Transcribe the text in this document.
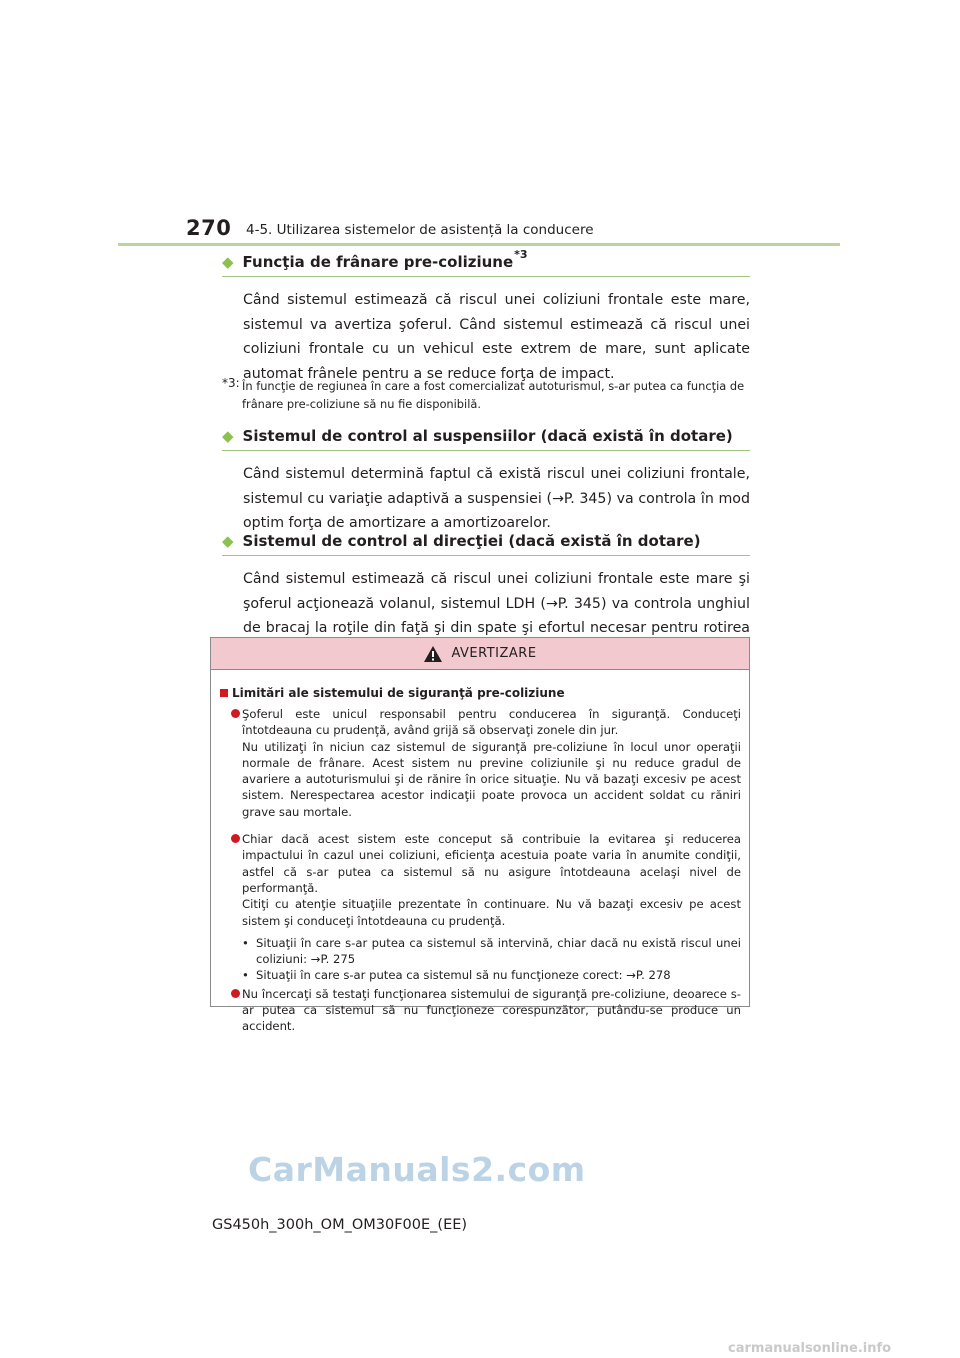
270 4-5. Utilizarea sistemelor de asistență la conducere
◆ Funcţia de frânare pre-coliziune *3
Când sistemul estimează că riscul unei coliziuni frontale este mare, sistemul va avertiza şoferul. Când sistemul estimează că riscul unei coliziuni frontale cu un vehicul este extrem de mare, sunt aplicate automat frânele pentru a se reduce forţa de impact.
*3: În funcţie de regiunea în care a fost comercializat autoturismul, s-ar putea ca funcţia de frânare pre-coliziune să nu fie disponibilă.
◆ Sistemul de control al suspensiilor (dacă există în dotare)
Când sistemul determină faptul că există riscul unei coliziuni frontale, sistemul cu variaţie adaptivă a suspensiei (→P. 345) va controla în mod optim forţa de amortizare a amortizoarelor.
◆ Sistemul de control al direcţiei (dacă există în dotare)
Când sistemul estimează că riscul unei coliziuni frontale este mare şi şoferul acţionează volanul, sistemul LDH (→P. 345) va controla unghiul de bracaj la roţile din faţă şi din spate şi efortul necesar pentru rotirea
AVERTIZARE
Limitări ale sistemului de siguranţă pre-coliziune
Şoferul este unicul responsabil pentru conducerea în siguranţă. Conduceţi întotdeauna cu prudenţă, având grijă să observaţi zonele din jur.
Nu utilizaţi în niciun caz sistemul de siguranţă pre-coliziune în locul unor operaţii normale de frânare. Acest sistem nu previne coliziunile şi nu reduce gradul de avariere a autoturismului şi de rănire în orice situaţie. Nu vă bazaţi excesiv pe acest sistem. Nerespectarea acestor indicaţii poate provoca un accident soldat cu răniri grave sau mortale.
Chiar dacă acest sistem este conceput să contribuie la evitarea şi reducerea impactului în cazul unei coliziuni, eficienţa acestuia poate varia în anumite condiţii, astfel că s-ar putea ca sistemul să nu asigure întotdeauna acelaşi nivel de performanţă.
Citiţi cu atenţie situaţiile prezentate în continuare. Nu vă bazaţi excesiv pe acest sistem şi conduceţi întotdeauna cu prudenţă.
• Situaţii în care s-ar putea ca sistemul să intervină, chiar dacă nu există riscul unei coliziuni: →P. 275
• Situaţii în care s-ar putea ca sistemul să nu funcţioneze corect: →P. 278
Nu încercaţi să testaţi funcţionarea sistemului de siguranţă pre-coliziune, deoarece s-ar putea ca sistemul să nu funcţioneze corespunzător, putându-se produce un accident.
CarManuals2.com
GS450h_300h_OM_OM30F00E_(EE)
carmanualsonline.info
